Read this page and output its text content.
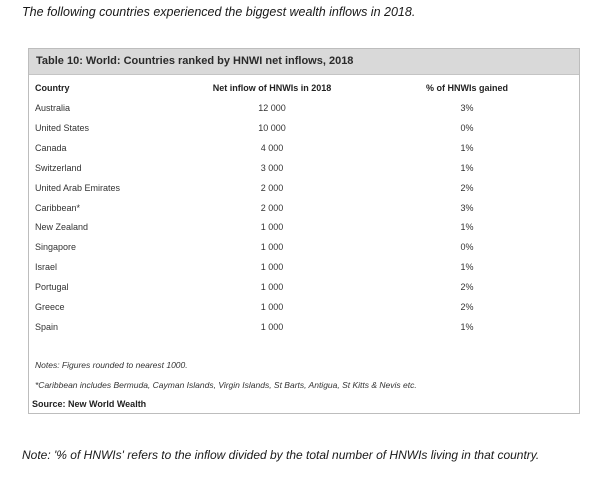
The following countries experienced the biggest wealth inflows in 2018.
Table 10: World: Countries ranked by HNWI net inflows, 2018
Country	Net inflow of HNWIs in 2018	% of HNWIs gained
Australia	12 000	3%
United States	10 000	0%
Canada	4 000	1%
Switzerland	3 000	1%
United Arab Emirates	2 000	2%
Caribbean*	2 000	3%
New Zealand	1 000	1%
Singapore	1 000	0%
Israel	1 000	1%
Portugal	1 000	2%
Greece	1 000	2%
Spain	1 000	1%
Notes: Figures rounded to nearest 1000.
*Caribbean includes Bermuda, Cayman Islands, Virgin Islands, St Barts, Antigua, St Kitts & Nevis etc.
Source: New World Wealth
Note: '% of HNWIs' refers to the inflow divided by the total number of HNWIs living in that country.
